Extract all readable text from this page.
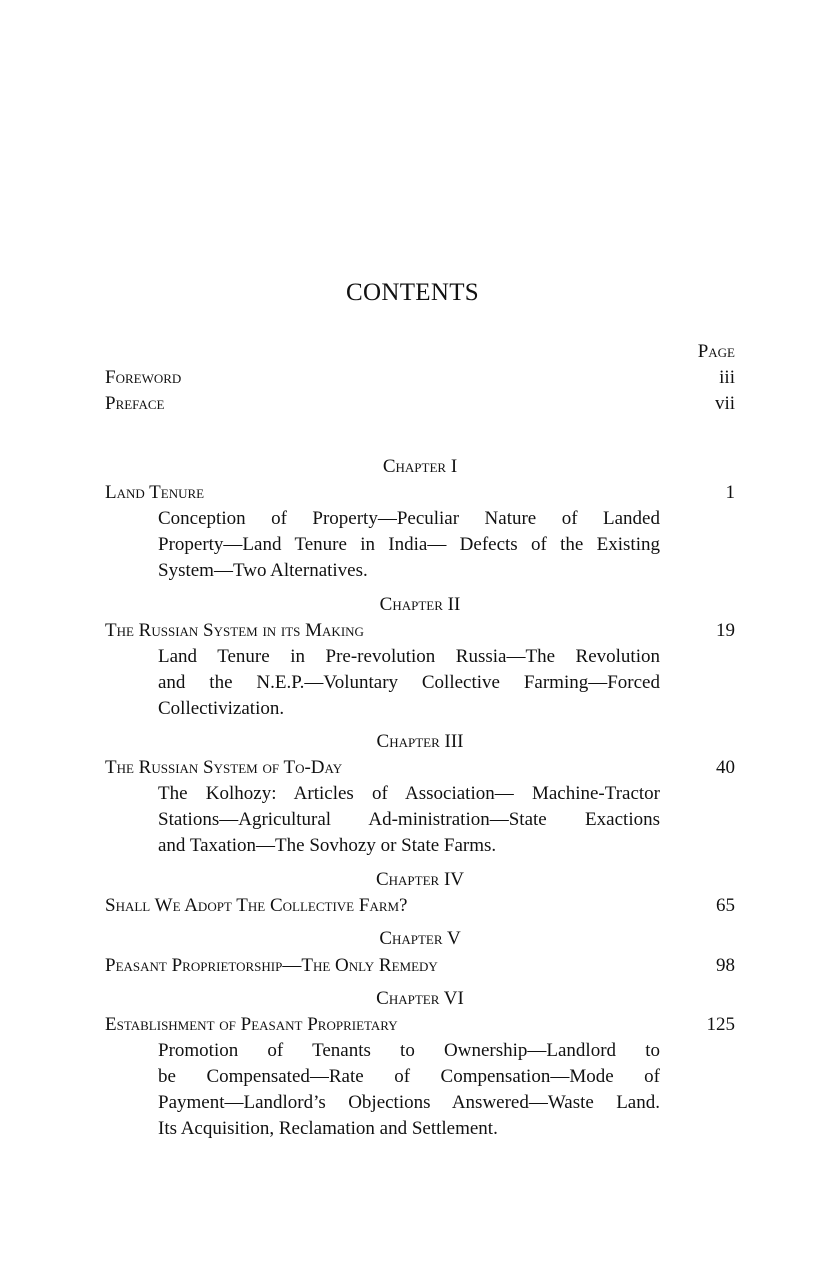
CONTENTS
Page
Foreword	iii
Preface	vii
Chapter I
Land Tenure	1
Conception of Property—Peculiar Nature of Landed
Property—Land Tenure in India— Defects of the Existing
System—Two Alternatives.
Chapter II
The Russian System in its Making	19
Land Tenure in Pre-revolution Russia—The Revolution
and the N.E.P.—Voluntary Collective Farming—Forced
Collectivization.
Chapter III
The Russian System of To-Day	40
The Kolhozy: Articles of Association— Machine-Tractor
Stations—Agricultural Ad-ministration—State Exactions
and Taxation—The Sovhozy or State Farms.
Chapter IV
Shall We Adopt The Collective Farm?	65
Chapter V
Peasant Proprietorship—The Only Remedy	98
Chapter VI
Establishment of Peasant Proprietary	125
Promotion of Tenants to Ownership—Landlord to
be Compensated—Rate of Compensation—Mode of
Payment—Landlord’s Objections Answered—Waste Land.
Its Acquisition, Reclamation and Settlement.
